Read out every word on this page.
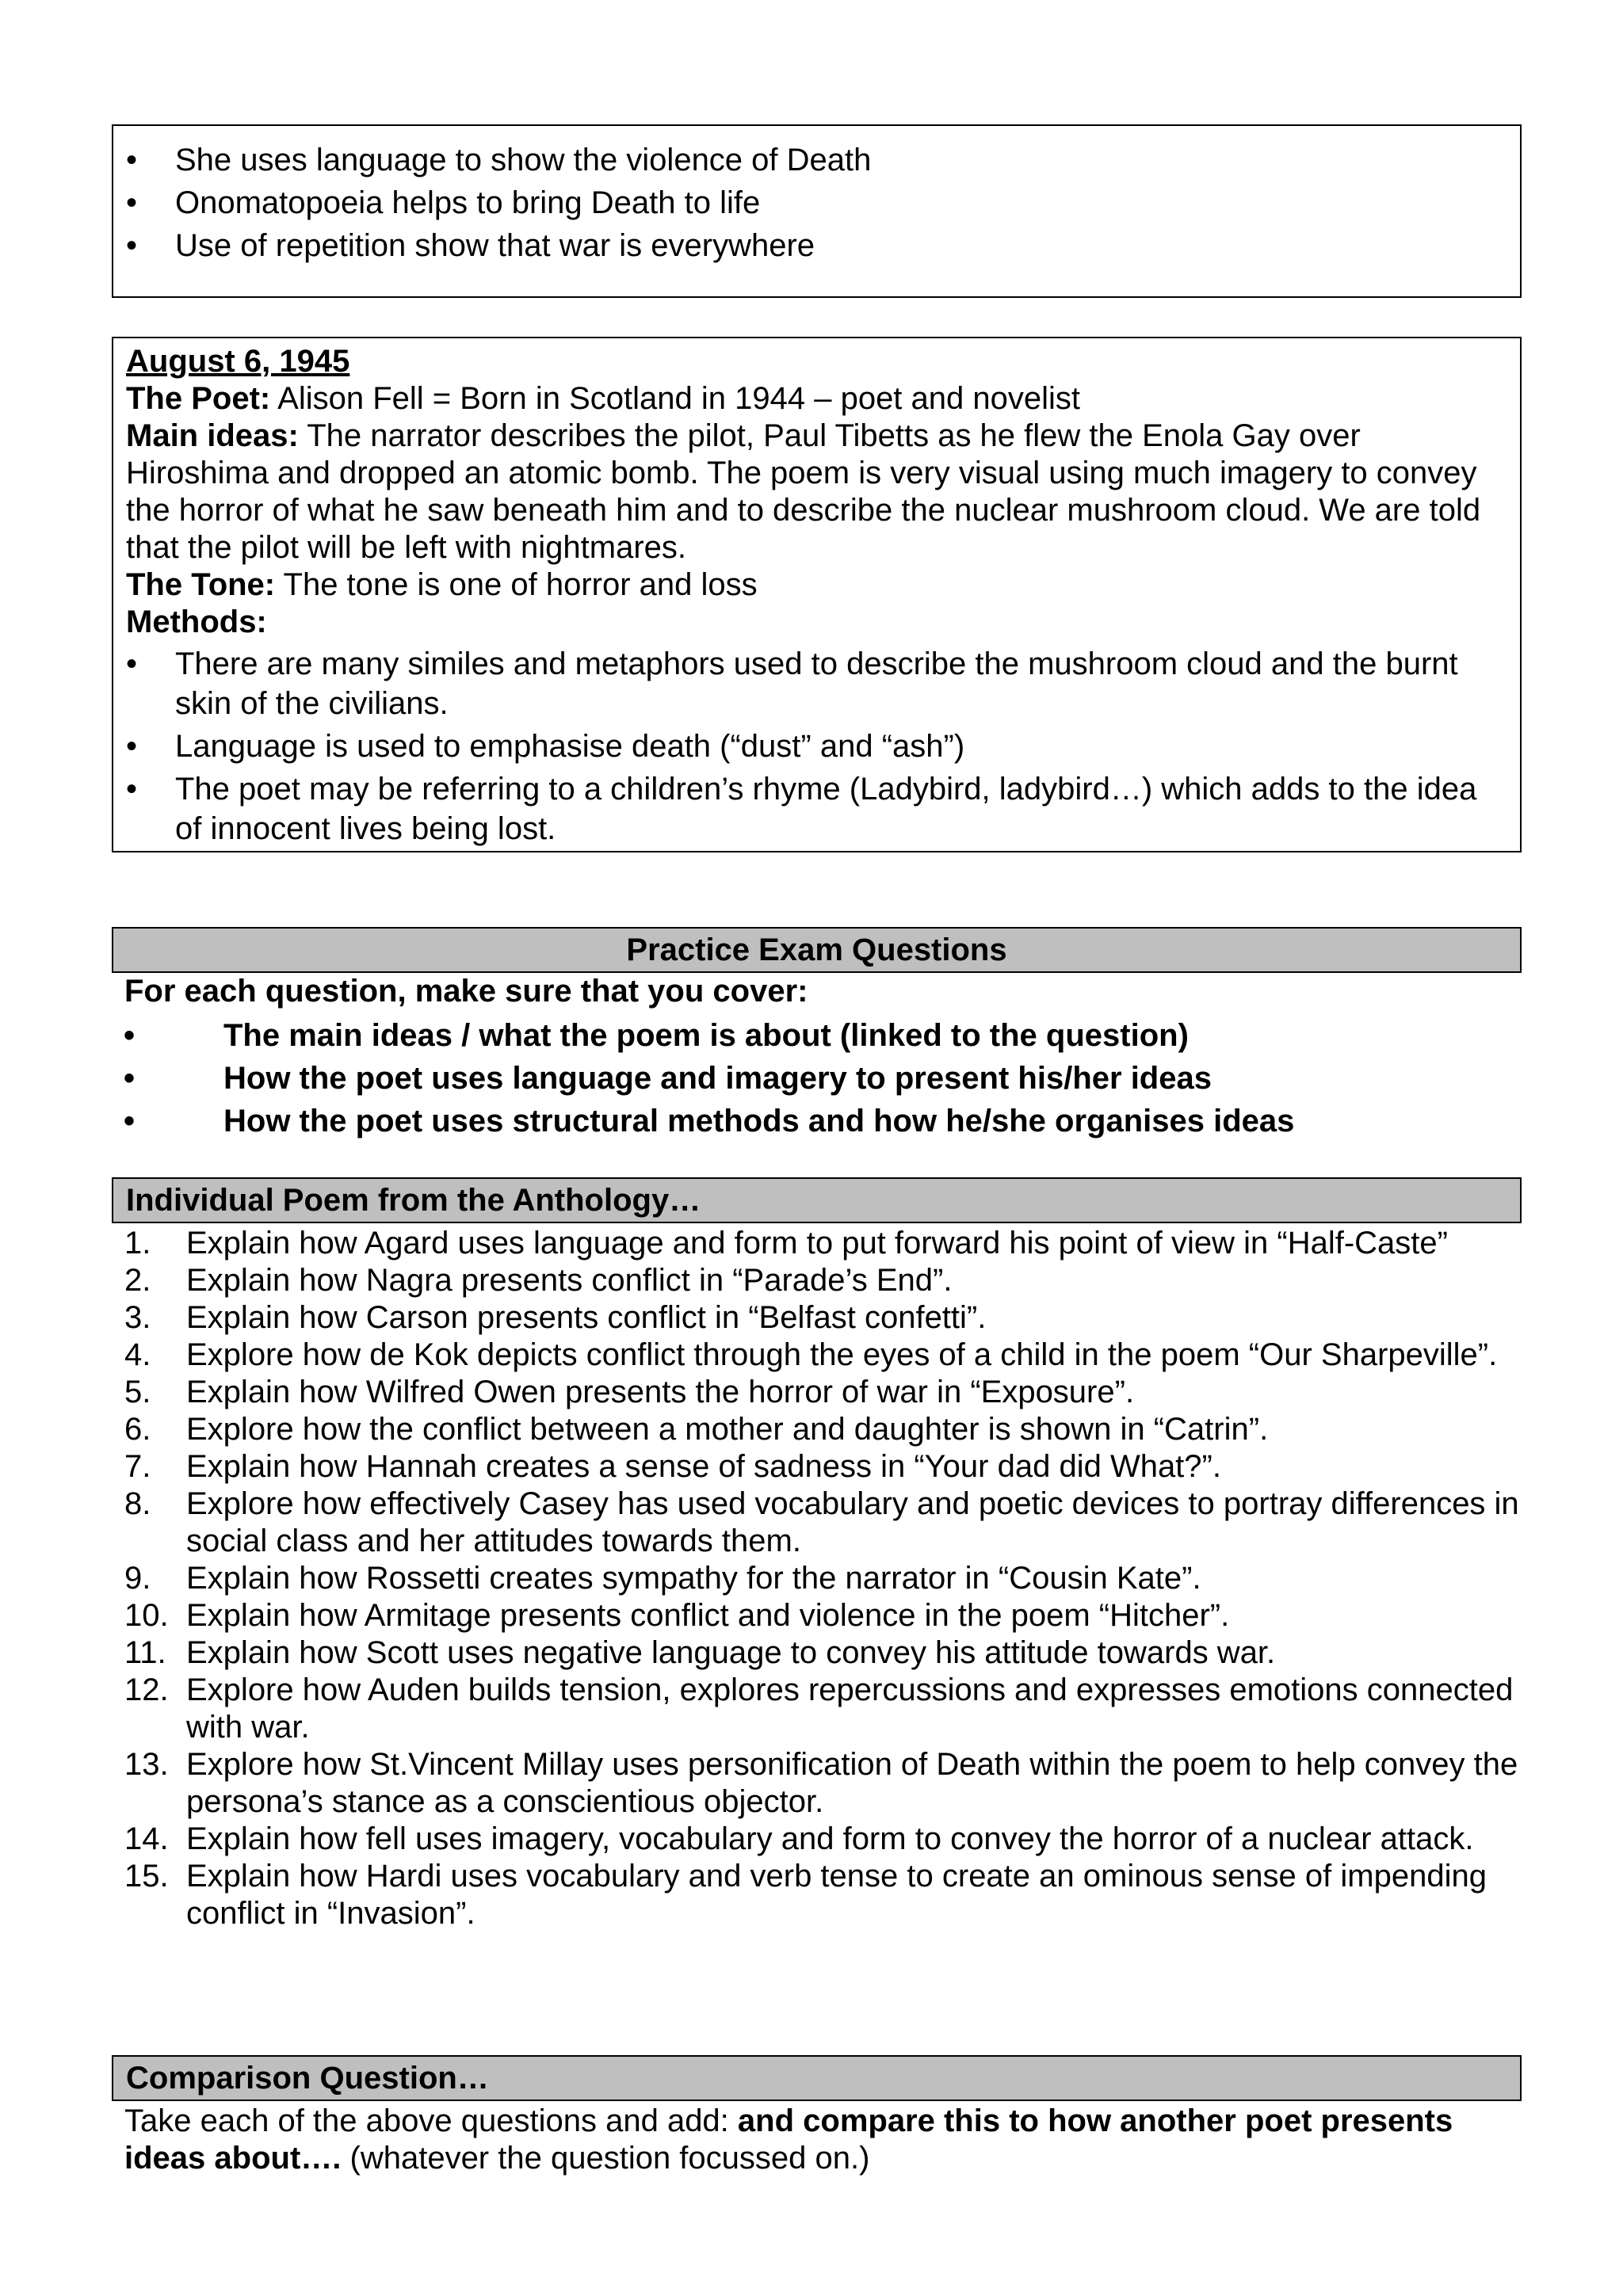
• She uses language to show the violence of Death
• Onomatopoeia helps to bring Death to life
• Use of repetition show that war is everywhere
August 6, 1945
The Poet: Alison Fell = Born in Scotland in 1944 – poet and novelist
Main ideas: The narrator describes the pilot, Paul Tibetts as he flew the Enola Gay over Hiroshima and dropped an atomic bomb. The poem is very visual using much imagery to convey the horror of what he saw beneath him and to describe the nuclear mushroom cloud. We are told that the pilot will be left with nightmares.
The Tone: The tone is one of horror and loss
Methods:
• There are many similes and metaphors used to describe the mushroom cloud and the burnt skin of the civilians.
• Language is used to emphasise death (“dust” and “ash”)
• The poet may be referring to a children’s rhyme (Ladybird, ladybird…) which adds to the idea of innocent lives being lost.
Practice Exam Questions
For each question, make sure that you cover:
• The main ideas / what the poem is about (linked to the question)
• How the poet uses language and imagery to present his/her ideas
• How the poet uses structural methods and how he/she organises ideas
Individual Poem from the Anthology…
1. Explain how Agard uses language and form to put forward his point of view in “Half-Caste”
2. Explain how Nagra presents conflict in “Parade’s End”.
3. Explain how Carson presents conflict in “Belfast confetti”.
4. Explore how de Kok depicts conflict through the eyes of a child in the poem “Our Sharpeville”.
5. Explain how Wilfred Owen presents the horror of war in “Exposure”.
6. Explore how the conflict between a mother and daughter is shown in “Catrin”.
7. Explain how Hannah creates a sense of sadness in “Your dad did What?”.
8. Explore how effectively Casey has used vocabulary and poetic devices to portray differences in social class and her attitudes towards them.
9. Explain how Rossetti creates sympathy for the narrator in “Cousin Kate”.
10. Explain how Armitage presents conflict and violence in the poem “Hitcher”.
11. Explain how Scott uses negative language to convey his attitude towards war.
12. Explore how Auden builds tension, explores repercussions and expresses emotions connected with war.
13. Explore how St.Vincent Millay uses personification of Death within the poem to help convey the persona’s stance as a conscientious objector.
14. Explain how fell uses imagery, vocabulary and form to convey the horror of a nuclear attack.
15. Explain how Hardi uses vocabulary and verb tense to create an ominous sense of impending conflict in “Invasion”.
Comparison Question…
Take each of the above questions and add: and compare this to how another poet presents ideas about…. (whatever the question focussed on.)
